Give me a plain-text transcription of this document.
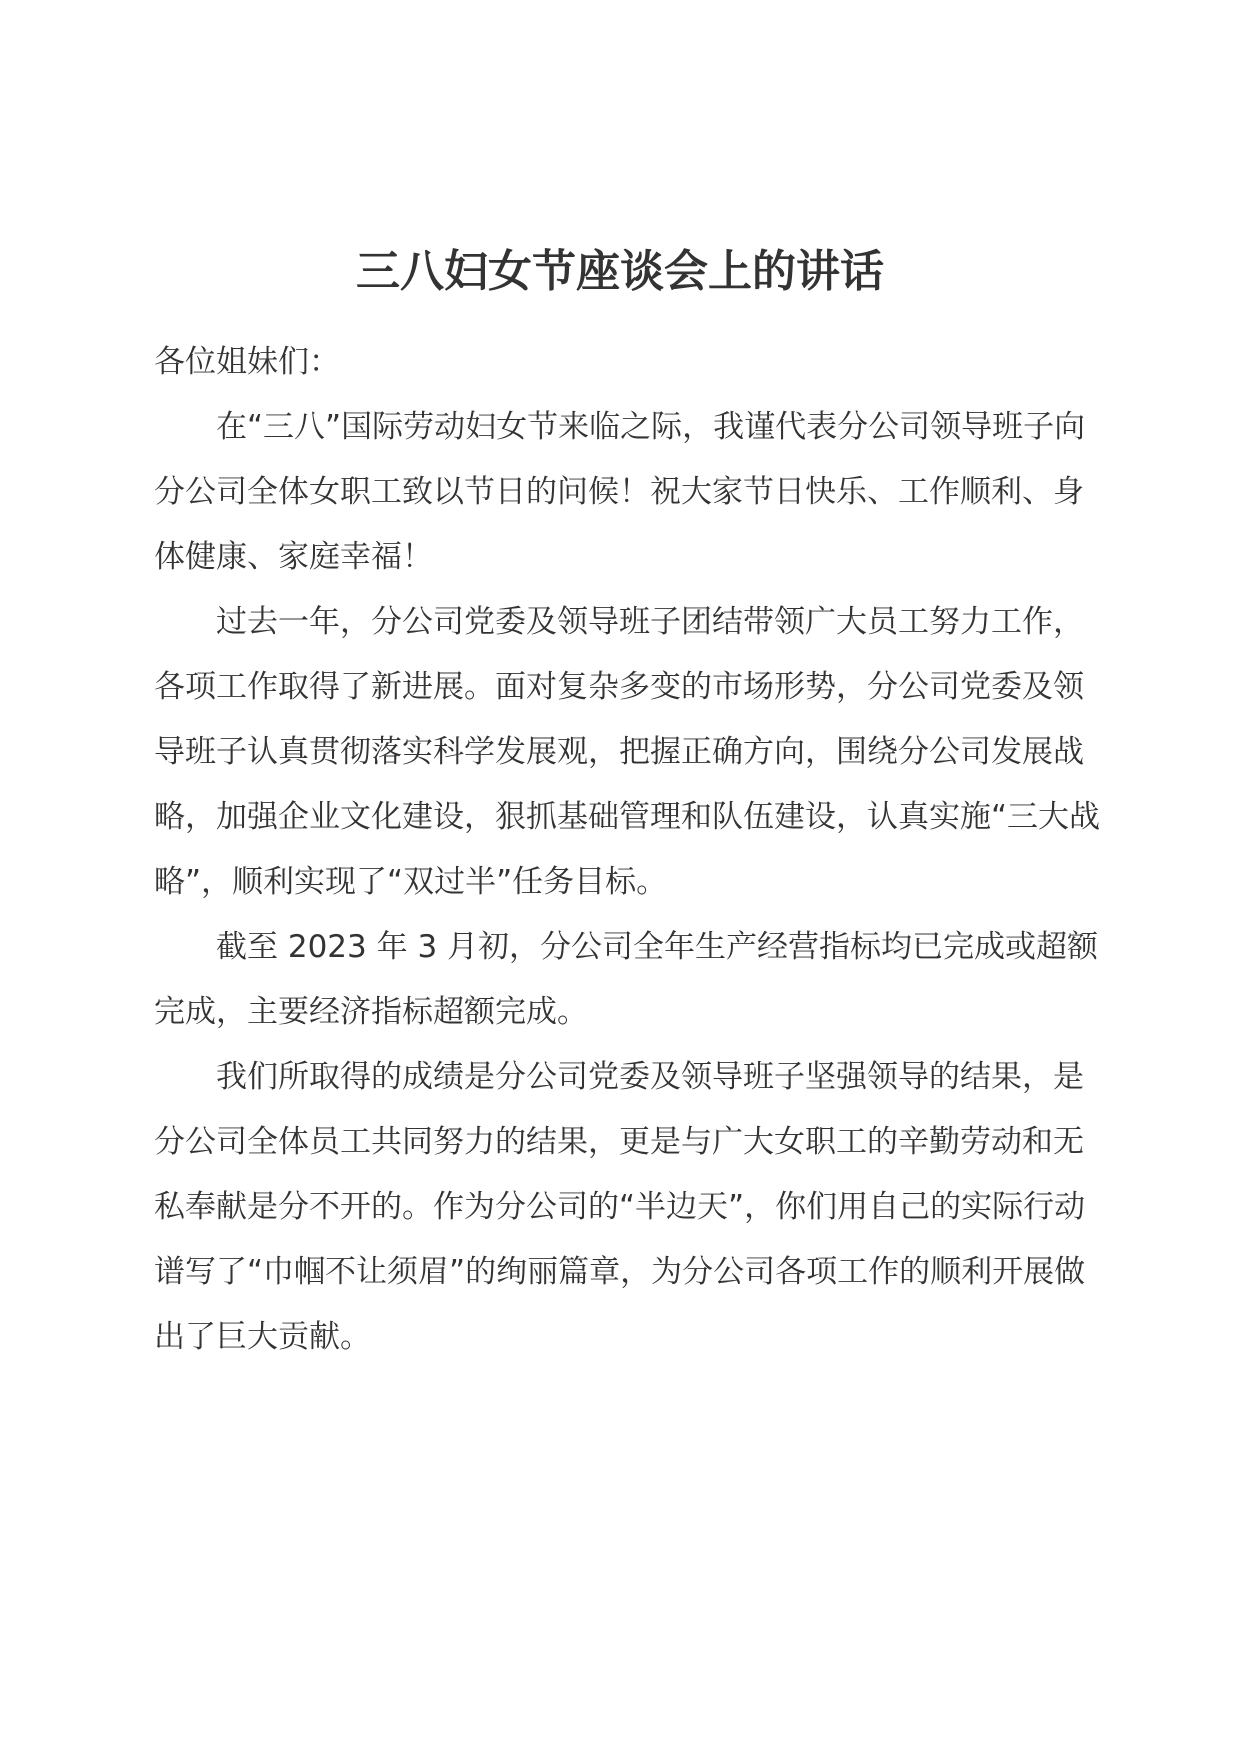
三八妇女节座谈会上的讲话

各位姐妹们：

在“三八”国际劳动妇女节来临之际，我谨代表分公司领导班子向分公司全体女职工致以节日的问候！祝大家节日快乐、工作顺利、身体健康、家庭幸福！

过去一年，分公司党委及领导班子团结带领广大员工努力工作，各项工作取得了新进展。面对复杂多变的市场形势，分公司党委及领导班子认真贯彻落实科学发展观，把握正确方向，围绕分公司发展战略，加强企业文化建设，狠抓基础管理和队伍建设，认真实施“三大战略”，顺利实现了“双过半”任务目标。

截至 2023 年 3 月初，分公司全年生产经营指标均已完成或超额完成，主要经济指标超额完成。

我们所取得的成绩是分公司党委及领导班子坚强领导的结果，是分公司全体员工共同努力的结果，更是与广大女职工的辛勤劳动和无私奉献是分不开的。作为分公司的“半边天”，你们用自己的实际行动谱写了“巾帼不让须眉”的绚丽篇章，为分公司各项工作的顺利开展做出了巨大贡献。
